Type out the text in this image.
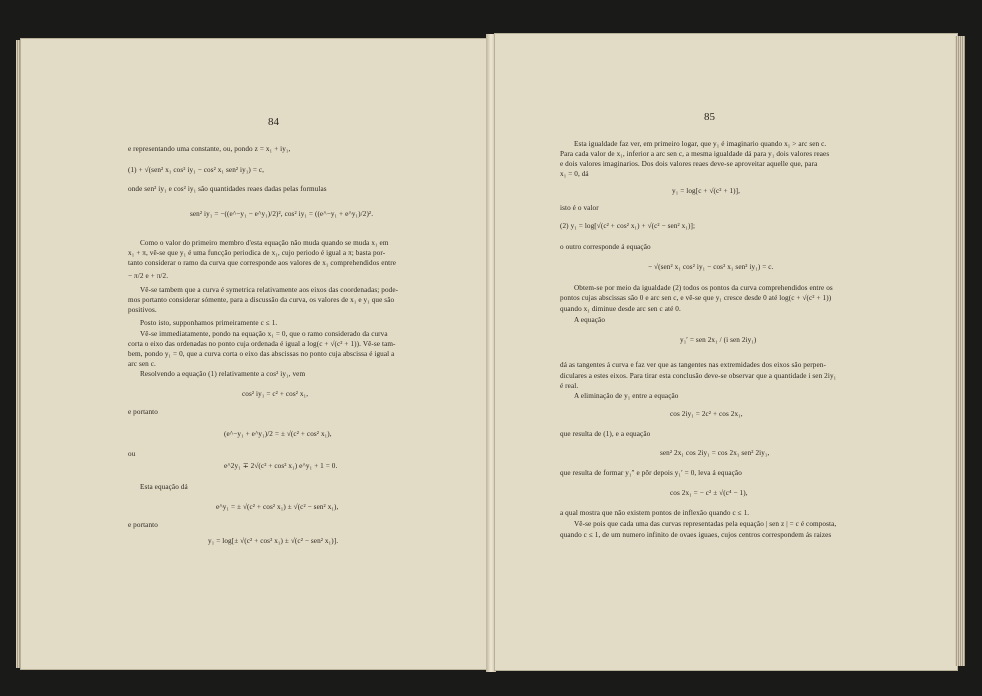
84
e representando uma constante, ou, pondo z = x₁ + iy₁,
(1) + √(sen² x₁ cos² iy₁ − cos² x₁ sen² iy₁) = c,
onde sen² iy₁ e cos² iy₁ são quantidades reaes dadas pelas formulas
sen² iy₁ = −((e^−y₁ − e^y₁)/2)², cos² iy₁ = ((e^−y₁ + e^y₁)/2)².
Como o valor do primeiro membro d'esta equação não muda quando se muda x₁ em
x₁ + π, vê-se que y₁ é uma funcção periodica de x₁, cujo periodo é igual a π; basta por-
tanto considerar o ramo da curva que corresponde aos valores de x₁ comprehendidos entre
− π/2 e + π/2.
Vê-se tambem que a curva é symetrica relativamente aos eixos das coordenadas; pode-
mos portanto considerar sómente, para a discussão da curva, os valores de x₁ e y₁ que são
positivos.
Posto isto, supponhamos primeiramente c ≤ 1.
Vê-se immediatamente, pondo na equação x₁ = 0, que o ramo considerado da curva
corta o eixo das ordenadas no ponto cuja ordenada é igual a log(c + √(c² + 1)). Vê-se tam-
bem, pondo y₁ = 0, que a curva corta o eixo das abscissas no ponto cuja abscissa é igual a
arc sen c.
Resolvendo a equação (1) relativamente a cos² iy₁, vem
cos² iy₁ = c² + cos² x₁,
e portanto
(e^−y₁ + e^y₁)/2 = ± √(c² + cos² x₁),
ou
e^2y₁ ∓ 2√(c² + cos² x₁) e^y₁ + 1 = 0.
Esta equação dá
e^y₁ = ± √(c² + cos² x₁) ± √(c² − sen² x₁),
e portanto
y₁ = log[± √(c² + cos² x₁) ± √(c² − sen² x₁)].
85
Esta igualdade faz ver, em primeiro logar, que y₁ é imaginario quando x₁ > arc sen c.
Para cada valor de x₁, inferior a arc sen c, a mesma igualdade dá para y₁ dois valores reaes
e dois valores imaginarios. Dos dois valores reaes deve-se aproveitar aquelle que, para
x₁ = 0, dá
y₁ = log[c + √(c² + 1)],
isto é o valor
(2) y₁ = log[√(c² + cos² x₁) + √(c² − sen² x₁)];
o outro corresponde á equação
− √(sen² x₁ cos² iy₁ − cos² x₁ sen² iy₁) = c.
Obtem-se por meio da igualdade (2) todos os pontos da curva comprehendidos entre os
pontos cujas abscissas são 0 e arc sen c, e vê-se que y₁ cresce desde 0 até log(c + √(c² + 1))
quando x₁ diminue desde arc sen c até 0.
A equação
y₁′ = sen 2x₁ / (i sen 2iy₁)
dá as tangentes á curva e faz ver que as tangentes nas extremidades dos eixos são perpen-
diculares a estes eixos. Para tirar esta conclusão deve-se observar que a quantidade i sen 2iy₁
é real.
A eliminação de y₁ entre a equação
cos 2iy₁ = 2c² + cos 2x₁,
que resulta de (1), e a equação
sen² 2x₁ cos 2iy₁ = cos 2x₁ sen² 2iy₁,
que resulta de formar y₁″ e pôr depois y₁′ = 0, leva á equação
cos 2x₁ = − c² ± √(c⁴ − 1),
a qual mostra que não existem pontos de inflexão quando c ≤ 1.
Vê-se pois que cada uma das curvas representadas pela equação | sen z | = c é composta,
quando c ≤ 1, de um numero infinito de ovaes iguaes, cujos centros correspondem ás raizes
